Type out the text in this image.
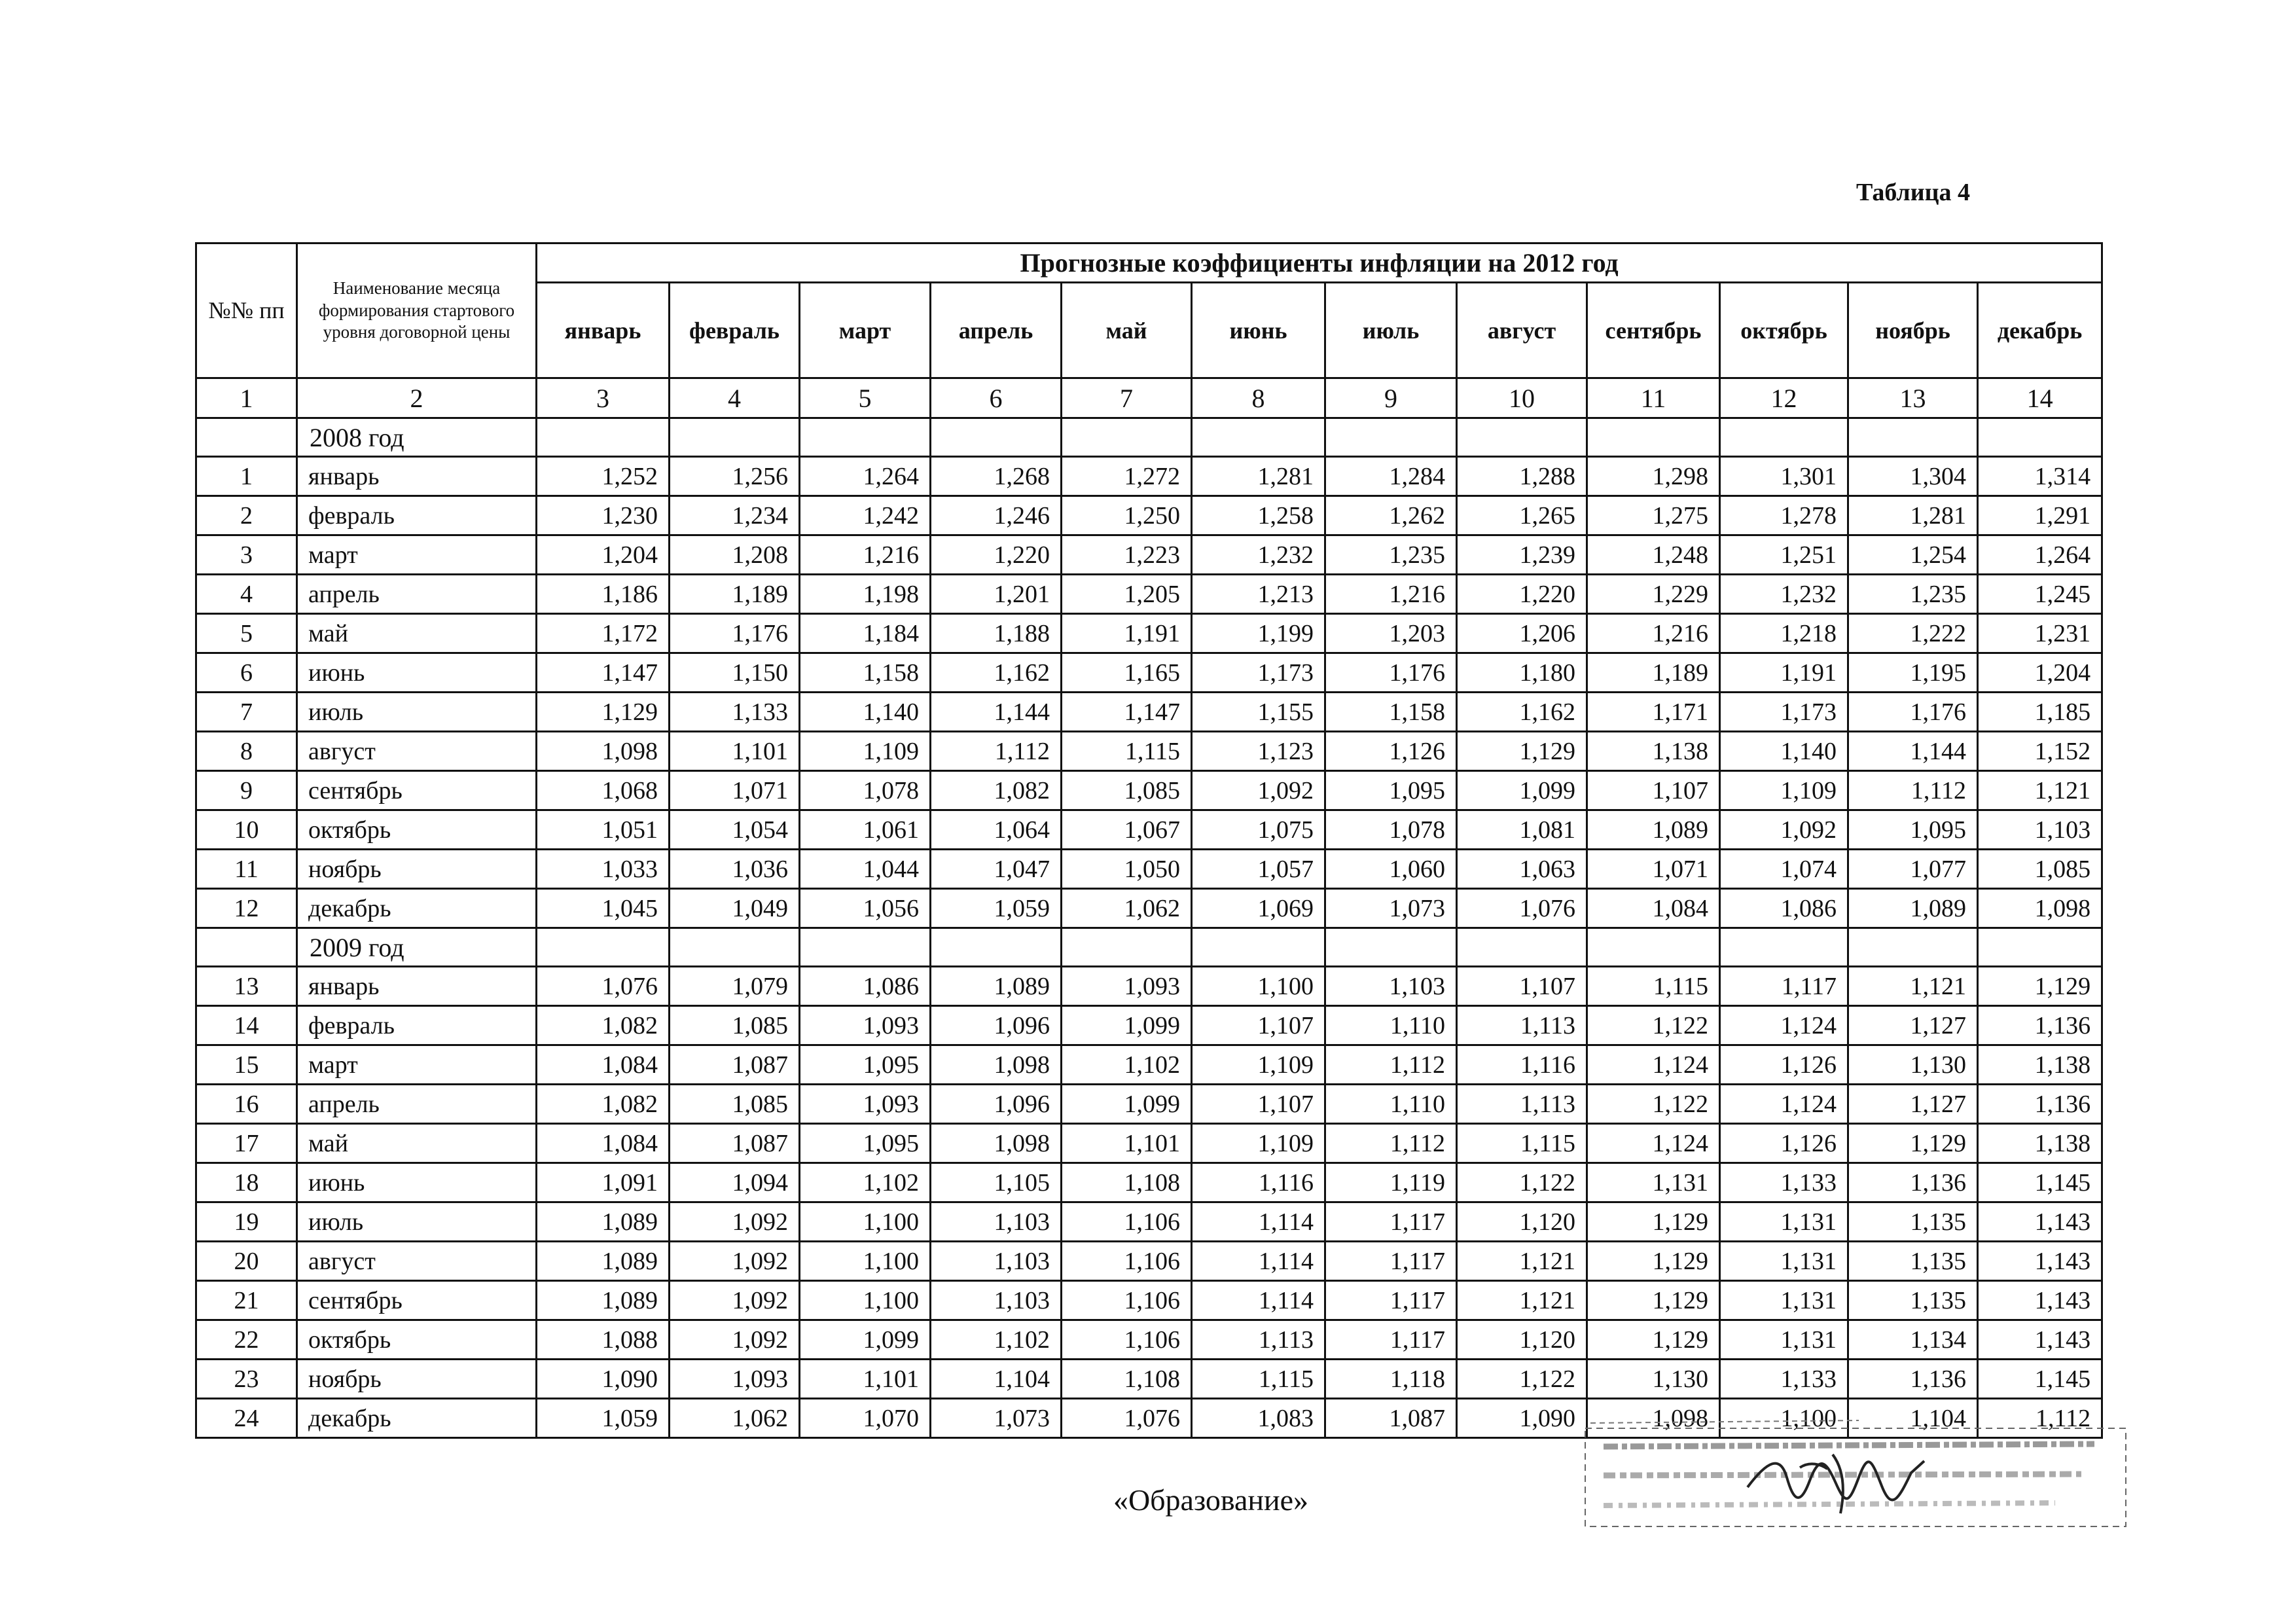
Таблица 4
№№ пп	Наименование месяца формирования стартового уровня договорной цены	Прогнозные коэффициенты инфляции на 2012 год											
		январь	февраль	март	апрель	май	июнь	июль	август	сентябрь	октябрь	ноябрь	декабрь
1	2	3	4	5	6	7	8	9	10	11	12	13	14
	2008 год												
1	январь	1,252	1,256	1,264	1,268	1,272	1,281	1,284	1,288	1,298	1,301	1,304	1,314
2	февраль	1,230	1,234	1,242	1,246	1,250	1,258	1,262	1,265	1,275	1,278	1,281	1,291
3	март	1,204	1,208	1,216	1,220	1,223	1,232	1,235	1,239	1,248	1,251	1,254	1,264
4	апрель	1,186	1,189	1,198	1,201	1,205	1,213	1,216	1,220	1,229	1,232	1,235	1,245
5	май	1,172	1,176	1,184	1,188	1,191	1,199	1,203	1,206	1,216	1,218	1,222	1,231
6	июнь	1,147	1,150	1,158	1,162	1,165	1,173	1,176	1,180	1,189	1,191	1,195	1,204
7	июль	1,129	1,133	1,140	1,144	1,147	1,155	1,158	1,162	1,171	1,173	1,176	1,185
8	август	1,098	1,101	1,109	1,112	1,115	1,123	1,126	1,129	1,138	1,140	1,144	1,152
9	сентябрь	1,068	1,071	1,078	1,082	1,085	1,092	1,095	1,099	1,107	1,109	1,112	1,121
10	октябрь	1,051	1,054	1,061	1,064	1,067	1,075	1,078	1,081	1,089	1,092	1,095	1,103
11	ноябрь	1,033	1,036	1,044	1,047	1,050	1,057	1,060	1,063	1,071	1,074	1,077	1,085
12	декабрь	1,045	1,049	1,056	1,059	1,062	1,069	1,073	1,076	1,084	1,086	1,089	1,098
	2009 год												
13	январь	1,076	1,079	1,086	1,089	1,093	1,100	1,103	1,107	1,115	1,117	1,121	1,129
14	февраль	1,082	1,085	1,093	1,096	1,099	1,107	1,110	1,113	1,122	1,124	1,127	1,136
15	март	1,084	1,087	1,095	1,098	1,102	1,109	1,112	1,116	1,124	1,126	1,130	1,138
16	апрель	1,082	1,085	1,093	1,096	1,099	1,107	1,110	1,113	1,122	1,124	1,127	1,136
17	май	1,084	1,087	1,095	1,098	1,101	1,109	1,112	1,115	1,124	1,126	1,129	1,138
18	июнь	1,091	1,094	1,102	1,105	1,108	1,116	1,119	1,122	1,131	1,133	1,136	1,145
19	июль	1,089	1,092	1,100	1,103	1,106	1,114	1,117	1,120	1,129	1,131	1,135	1,143
20	август	1,089	1,092	1,100	1,103	1,106	1,114	1,117	1,121	1,129	1,131	1,135	1,143
21	сентябрь	1,089	1,092	1,100	1,103	1,106	1,114	1,117	1,121	1,129	1,131	1,135	1,143
22	октябрь	1,088	1,092	1,099	1,102	1,106	1,113	1,117	1,120	1,129	1,131	1,134	1,143
23	ноябрь	1,090	1,093	1,101	1,104	1,108	1,115	1,118	1,122	1,130	1,133	1,136	1,145
24	декабрь	1,059	1,062	1,070	1,073	1,076	1,083	1,087	1,090	1,098	1,100	1,104	1,112
«Образование»
